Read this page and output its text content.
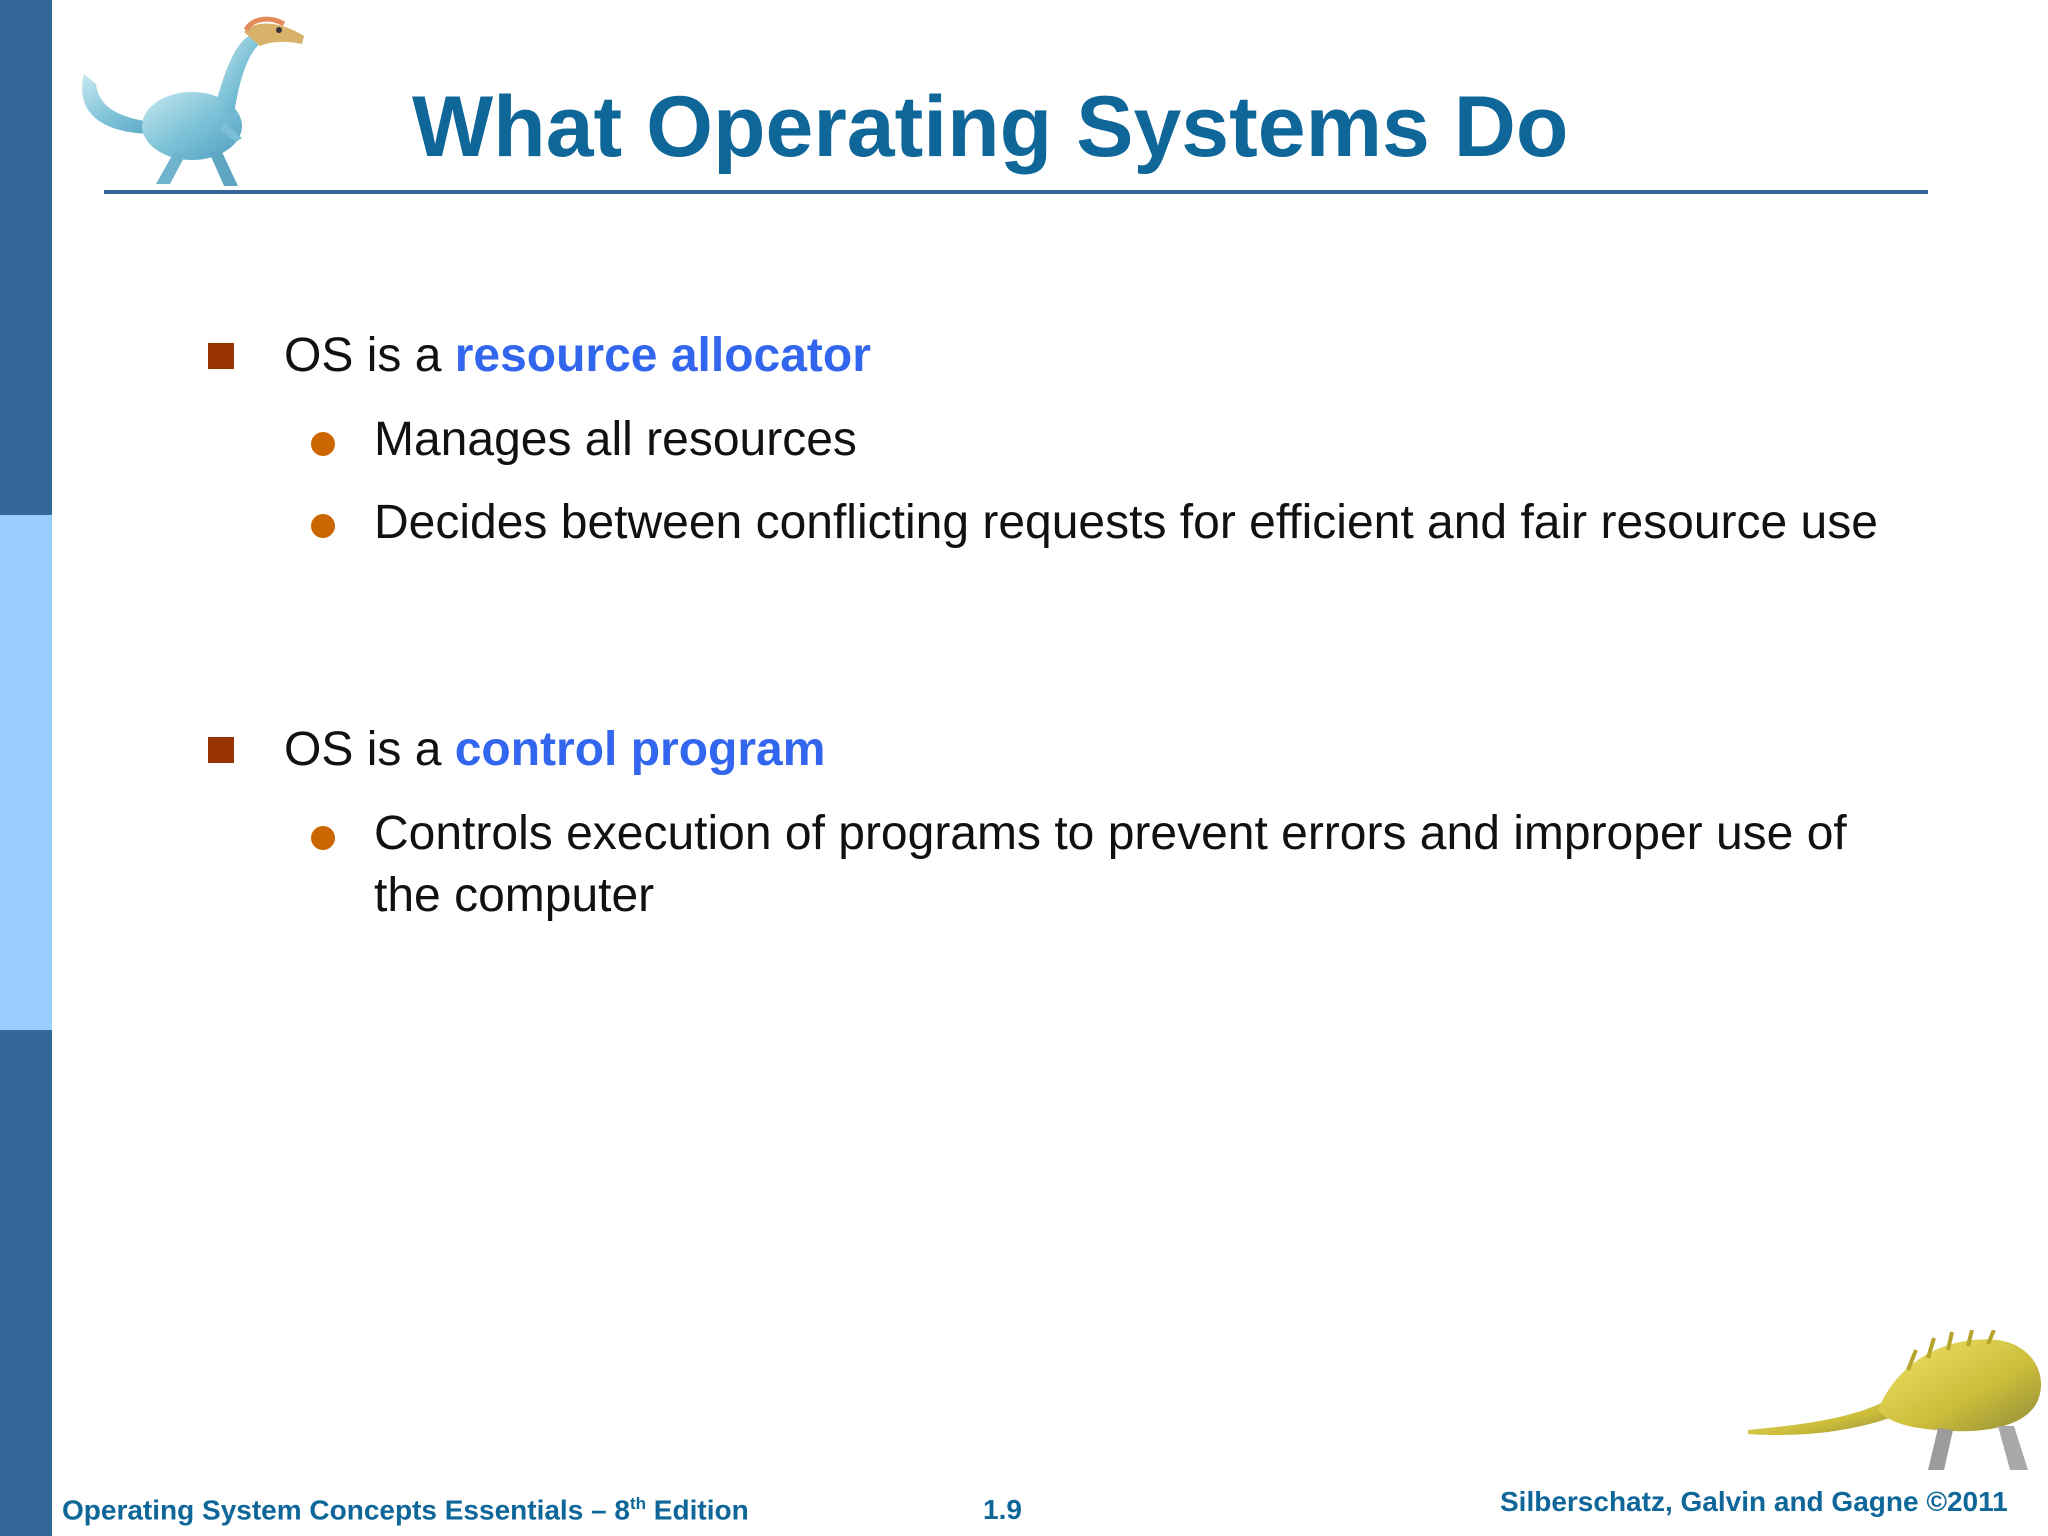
What Operating Systems Do
OS is a resource allocator
Manages all resources
Decides between conflicting requests for efficient and fair resource use
OS is a control program
Controls execution of programs to prevent errors and improper use of the computer
Operating System Concepts Essentials – 8th Edition	1.9	Silberschatz, Galvin and Gagne ©2011
